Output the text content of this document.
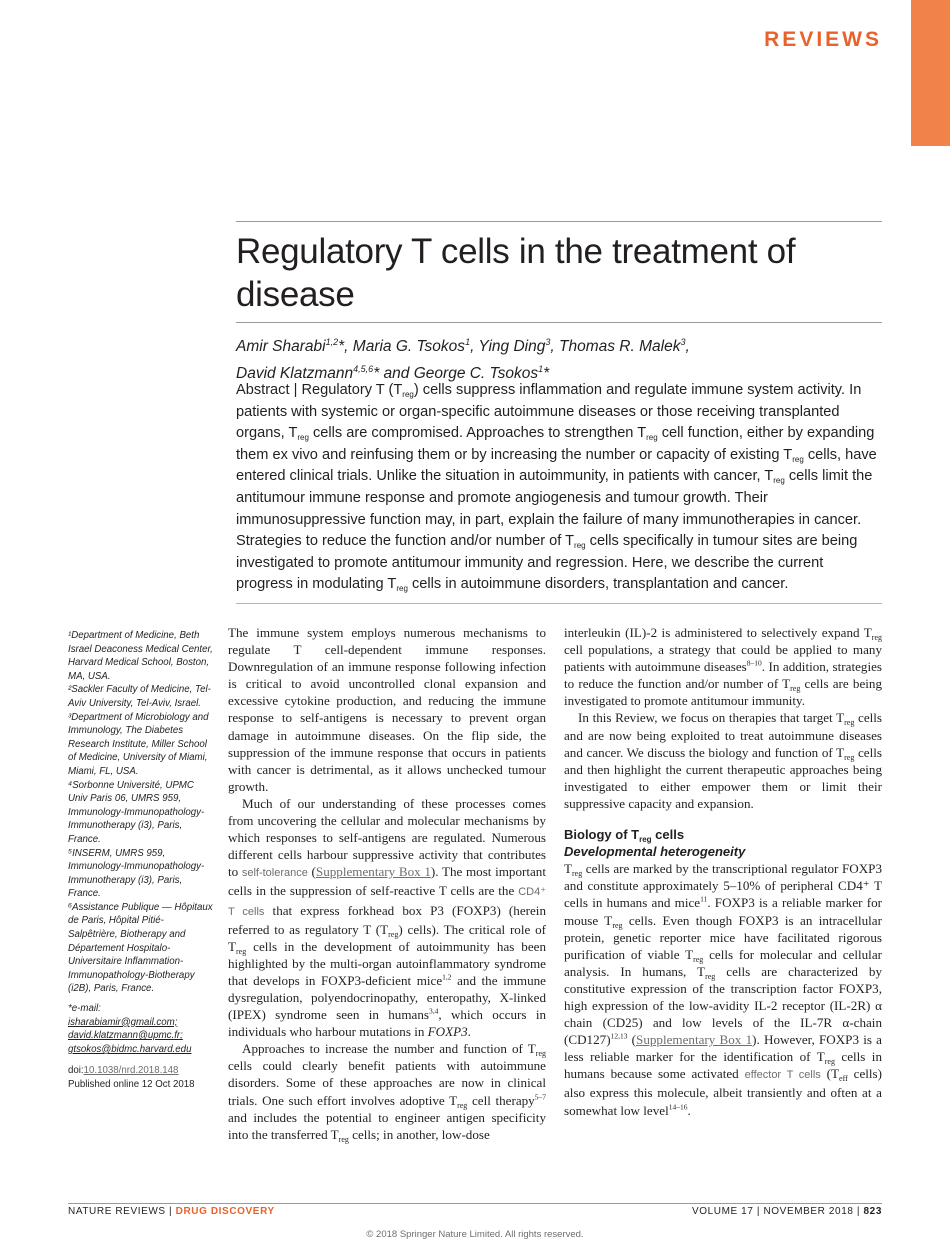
REVIEWS
Regulatory T cells in the treatment of disease
Amir Sharabi$^{1,2}$*, Maria G. Tsokos$^1$, Ying Ding$^3$, Thomas R. Malek$^3$,
David Klatzmann$^{4,5,6}$* and George C. Tsokos$^1$*
Abstract | Regulatory T $(T_{reg})$ cells suppress inflammation and regulate immune system activity. In patients with systemic or organ-specific autoimmune diseases or those receiving transplanted organs, $T_{reg}$ cells are compromised. Approaches to strengthen $T_{reg}$ cell function, either by expanding them ex vivo and reinfusing them or by increasing the number or capacity of existing $T_{reg}$ cells, have entered clinical trials. Unlike the situation in autoimmunity, in patients with cancer, $T_{reg}$ cells limit the antitumour immune response and promote angiogenesis and tumour growth. Their immunosuppressive function may, in part, explain the failure of many immunotherapies in cancer. Strategies to reduce the function and/or number of $T_{reg}$ cells specifically in tumour sites are being investigated to promote antitumour immunity and regression. Here, we describe the current progress in modulating $T_{reg}$ cells in autoimmune disorders, transplantation and cancer.

¹Department of Medicine, Beth Israel Deaconess Medical Center, Harvard Medical School, Boston, MA, USA.

²Sackler Faculty of Medicine, Tel-Aviv University, Tel-Aviv, Israel.

³Department of Microbiology and Immunology, The Diabetes Research Institute, Miller School of Medicine, University of Miami, Miami, FL, USA.

⁴Sorbonne Université, UPMC Univ Paris 06, UMRS 959, Immunology-Immunopathology-Immunotherapy (i3), Paris, France.

⁵INSERM, UMRS 959, Immunology-Immunopathology-Immunotherapy (i3), Paris, France.

⁶Assistance Publique — Hôpitaux de Paris, Hôpital Pitié-Salpêtrière, Biotherapy and Département Hospitalo-Universitaire Inflammation-Immunopathology-Biotherapy (i2B), Paris, France.

*e-mail:

isharabiamir@gmail.com;

david.klatzmann@upmc.fr;

gtsokos@bidmc.harvard.edu

doi:10.1038/nrd.2018.148

Published online 12 Oct 2018

The immune system employs numerous mechanisms to regulate T cell-dependent immune responses. Downregulation of an immune response following infection is critical to avoid uncontrolled clonal expansion and excessive cytokine production, and reducing the immune response to self-antigens is necessary to prevent organ damage in autoimmune diseases. On the flip side, the suppression of the immune response that occurs in patients with cancer is detrimental, as it allows unchecked tumour growth.

Much of our understanding of these processes comes from uncovering the cellular and molecular mechanisms by which responses to self-antigens are regulated. Numerous different cells harbour suppressive activity that contributes to self-tolerance (Supplementary Box 1). The most important cells in the suppression of self-reactive T cells are the CD4⁺ T cells that express forkhead box P3 (FOXP3) (herein referred to as regulatory T $(T_{reg})$ cells). The critical role of $T_{reg}$ cells in the development of autoimmunity has been highlighted by the multi-organ autoinflammatory syndrome that develops in FOXP3-deficient mice$^{1,2}$ and the immune dysregulation, polyendocrinopathy, enteropathy, X-linked (IPEX) syndrome seen in humans$^{3,4}$, which occurs in individuals who harbour mutations in FOXP3.

Approaches to increase the number and function of $T_{reg}$ cells could clearly benefit patients with autoimmune disorders. Some of these approaches are now in clinical trials. One such effort involves adoptive $T_{reg}$ cell therapy$^{5-7}$ and includes the potential to engineer antigen specificity into the transferred $T_{reg}$ cells; in another, low-dose

interleukin (IL)-2 is administered to selectively expand $T_{reg}$ cell populations, a strategy that could be applied to many patients with autoimmune diseases$^{8-10}$. In addition, strategies to reduce the function and/or number of $T_{reg}$ cells are being investigated to promote antitumour immunity.

In this Review, we focus on therapies that target $T_{reg}$ cells and are now being exploited to treat autoimmune diseases and cancer. We discuss the biology and function of $T_{reg}$ cells and then highlight the current therapeutic approaches being investigated to either empower them or limit their suppressive capacity and expansion.

Biology of $T_{reg}$ cells
Developmental heterogeneity

$T_{reg}$ cells are marked by the transcriptional regulator FOXP3 and constitute approximately 5–10% of peripheral CD4⁺ T cells in humans and mice$^{11}$. FOXP3 is a reliable marker for mouse $T_{reg}$ cells. Even though FOXP3 is an intracellular protein, genetic reporter mice have facilitated rigorous purification of viable $T_{reg}$ cells for molecular and cellular analysis. In humans, $T_{reg}$ cells are characterized by constitutive expression of the transcription factor FOXP3, high expression of the low-avidity IL-2 receptor (IL-2R) α chain (CD25) and low levels of the IL-7R α-chain $(CD127)^{12,13}$ (Supplementary Box 1). However, FOXP3 is a less reliable marker for the identification of $T_{reg}$ cells in humans because some activated effector T cells ($T_{eff}$ cells) also express this molecule, albeit transiently and often at a somewhat low level$^{14-16}$.

NATURE REVIEWS | DRUG DISCOVERY	VOLUME 17 | NOVEMBER 2018 | 823
© 2018 Springer Nature Limited. All rights reserved.
